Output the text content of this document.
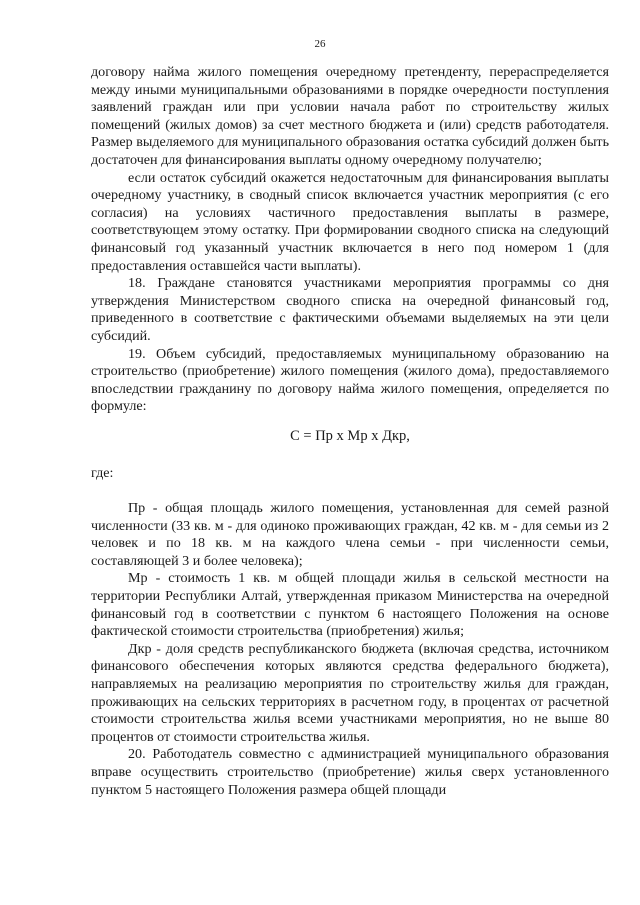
26

договору найма жилого помещения очередному претенденту, перераспределяется между иными муниципальными образованиями в порядке очередности поступления заявлений граждан или при условии начала работ по строительству жилых помещений (жилых домов) за счет местного бюджета и (или) средств работодателя. Размер выделяемого для муниципального образования остатка субсидий должен быть достаточен для финансирования выплаты одному очередному получателю;

если остаток субсидий окажется недостаточным для финансирования выплаты очередному участнику, в сводный список включается участник мероприятия (с его согласия) на условиях частичного предоставления выплаты в размере, соответствующем этому остатку. При формировании сводного списка на следующий финансовый год указанный участник включается в него под номером 1 (для предоставления оставшейся части выплаты).

18. Граждане становятся участниками мероприятия программы со дня утверждения Министерством сводного списка на очередной финансовый год, приведенного в соответствие с фактическими объемами выделяемых на эти цели субсидий.

19. Объем субсидий, предоставляемых муниципальному образованию на строительство (приобретение) жилого помещения (жилого дома), предоставляемого впоследствии гражданину по договору найма жилого помещения, определяется по формуле:

С = Пр х Мр х Дкр,

где:

Пр - общая площадь жилого помещения, установленная для семей разной численности (33 кв. м - для одиноко проживающих граждан, 42 кв. м - для семьи из 2 человек и по 18 кв. м на каждого члена семьи - при численности семьи, составляющей 3 и более человека);

Мр - стоимость 1 кв. м общей площади жилья в сельской местности на территории Республики Алтай, утвержденная приказом Министерства на очередной финансовый год в соответствии с пунктом 6 настоящего Положения на основе фактической стоимости строительства (приобретения) жилья;

Дкр - доля средств республиканского бюджета (включая средства, источником финансового обеспечения которых являются средства федерального бюджета), направляемых на реализацию мероприятия по строительству жилья для граждан, проживающих на сельских территориях в расчетном году, в процентах от расчетной стоимости строительства жилья всеми участниками мероприятия, но не выше 80 процентов от стоимости строительства жилья.

20. Работодатель совместно с администрацией муниципального образования вправе осуществить строительство (приобретение) жилья сверх установленного пунктом 5 настоящего Положения размера общей площади
